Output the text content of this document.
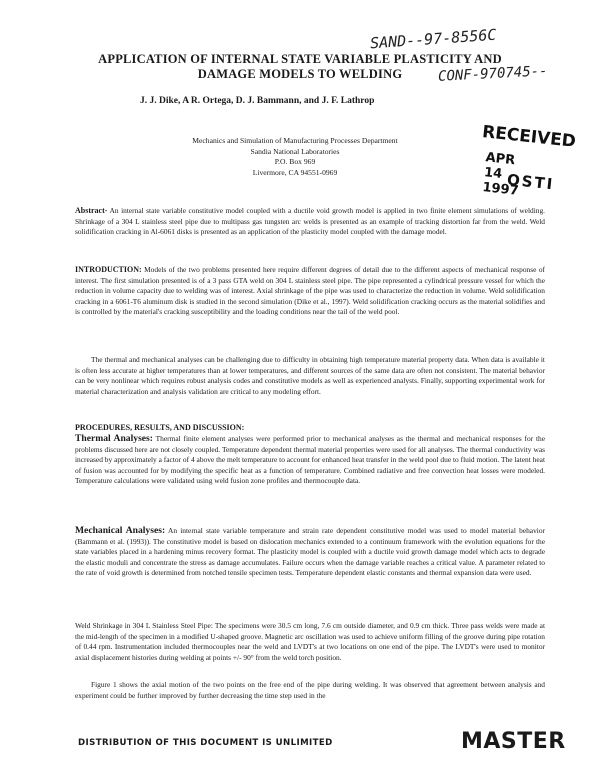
SAND--97-8556C
CONF-970745--
APPLICATION OF INTERNAL STATE VARIABLE PLASTICITY AND
DAMAGE MODELS TO WELDING
J. J. Dike, A R. Ortega, D. J. Bammann, and J. F. Lathrop
Mechanics and Simulation of Manufacturing Processes Department
Sandia National Laboratories
P.O. Box 969
Livermore, CA 94551-0969
RECEIVED
APR 14 1997
OSTI

Abstract- An internal state variable constitutive model coupled with a ductile void growth model is applied in two finite element simulations of welding. Shrinkage of a 304 L stainless steel pipe due to multipass gas tungsten arc welds is presented as an example of tracking distortion far from the weld. Weld solidification cracking in Al-6061 disks is presented as an application of the plasticity model coupled with the damage model.

INTRODUCTION: Models of the two problems presented here require different degrees of detail due to the different aspects of mechanical response of interest. The first simulation presented is of a 3 pass GTA weld on 304 L stainless steel pipe. The pipe represented a cylindrical pressure vessel for which the reduction in volume capacity due to welding was of interest. Axial shrinkage of the pipe was used to characterize the reduction in volume. Weld solidification cracking in a 6061-T6 aluminum disk is studied in the second simulation (Dike et al., 1997). Weld solidification cracking occurs as the material solidifies and is controlled by the material's cracking susceptibility and the loading conditions near the tail of the weld pool.

The thermal and mechanical analyses can be challenging due to difficulty in obtaining high temperature material property data. When data is available it is often less accurate at higher temperatures than at lower temperatures, and different sources of the same data are often not consistent. The material behavior can be very nonlinear which requires robust analysis codes and constitutive models as well as experienced analysts. Finally, supporting experimental work for material characterization and analysis validation are critical to any modeling effort.

PROCEDURES, RESULTS, AND DISCUSSION:

Thermal Analyses: Thermal finite element analyses were performed prior to mechanical analyses as the thermal and mechanical responses for the problems discussed here are not closely coupled. Temperature dependent thermal material properties were used for all analyses. The thermal conductivity was increased by approximately a factor of 4 above the melt temperature to account for enhanced heat transfer in the weld pool due to fluid motion. The latent heat of fusion was accounted for by modifying the specific heat as a function of temperature. Combined radiative and free convection heat losses were modeled. Temperature calculations were validated using weld fusion zone profiles and thermocouple data.

Mechanical Analyses: An internal state variable temperature and strain rate dependent constitutive model was used to model material behavior (Bammann et al. (1993)). The constitutive model is based on dislocation mechanics extended to a continuum framework with the evolution equations for the state variables placed in a hardening minus recovery format. The plasticity model is coupled with a ductile void growth damage model which acts to degrade the elastic moduli and concentrate the stress as damage accumulates. Failure occurs when the damage variable reaches a critical value. A parameter related to the rate of void growth is determined from notched tensile specimen tests. Temperature dependent elastic constants and thermal expansion data were used.

Weld Shrinkage in 304 L Stainless Steel Pipe: The specimens were 30.5 cm long, 7.6 cm outside diameter, and 0.9 cm thick. Three pass welds were made at the mid-length of the specimen in a modified U-shaped groove. Magnetic arc oscillation was used to achieve uniform filling of the groove during pipe rotation of 0.44 rpm. Instrumentation included thermocouples near the weld and LVDT's at two locations on one end of the pipe. The LVDT's were used to monitor axial displacement histories during welding at points +/- 90° from the weld torch position.

Figure 1 shows the axial motion of the two points on the free end of the pipe during welding. It was observed that agreement between analysis and experiment could be further improved by further decreasing the time step used in the

DISTRIBUTION OF THIS DOCUMENT IS UNLIMITED	MASTER
